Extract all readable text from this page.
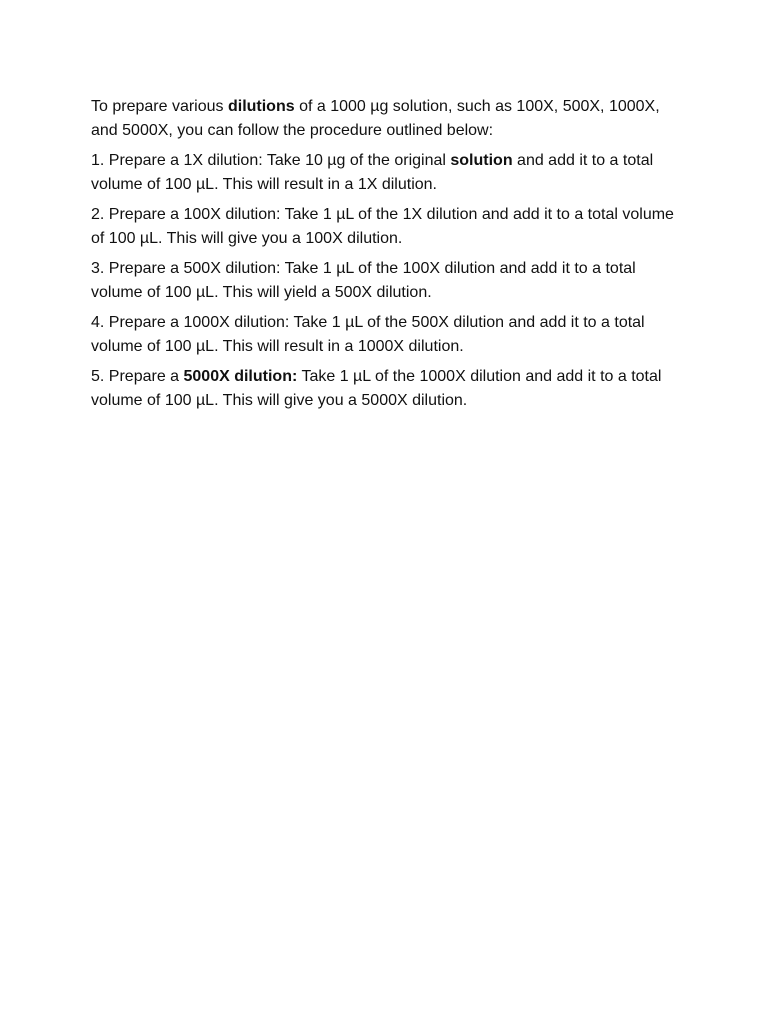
To prepare various dilutions of a 1000 µg solution, such as 100X, 500X, 1000X, and 5000X, you can follow the procedure outlined below:

1. Prepare a 1X dilution: Take 10 µg of the original solution and add it to a total volume of 100 µL. This will result in a 1X dilution.

2. Prepare a 100X dilution: Take 1 µL of the 1X dilution and add it to a total volume of 100 µL. This will give you a 100X dilution.

3. Prepare a 500X dilution: Take 1 µL of the 100X dilution and add it to a total volume of 100 µL. This will yield a 500X dilution.

4. Prepare a 1000X dilution: Take 1 µL of the 500X dilution and add it to a total volume of 100 µL. This will result in a 1000X dilution.

5. Prepare a 5000X dilution: Take 1 µL of the 1000X dilution and add it to a total volume of 100 µL. This will give you a 5000X dilution.
